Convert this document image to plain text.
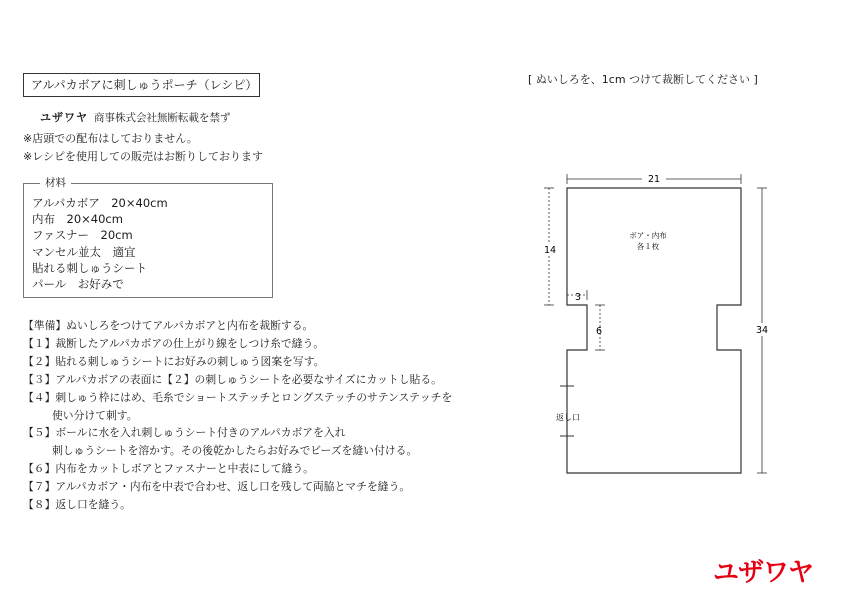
アルパカボアに刺しゅうポーチ（レシピ）
ユザワヤ 商事株式会社無断転載を禁ず
※店頭での配布はしておりません。
※レシピを使用しての販売はお断りしております
材料
アルパカボア　20×40cm
内布　20×40cm
ファスナー　20cm
マンセル並太　適宜
貼れる刺しゅうシート
パール　お好みで
【準備】ぬいしろをつけてアルパカボアと内布を裁断する。
【１】裁断したアルパカボアの仕上がり線をしつけ糸で縫う。
【２】貼れる刺しゅうシートにお好みの刺しゅう図案を写す。
【３】アルパカボアの表面に【２】の刺しゅうシートを必要なサイズにカットし貼る。
【４】刺しゅう枠にはめ、毛糸でショートステッチとロングステッチのサテンステッチを
使い分けて刺す。
【５】ボールに水を入れ刺しゅうシート付きのアルパカボアを入れ
刺しゅうシートを溶かす。その後乾かしたらお好みでビーズを縫い付ける。
【６】内布をカットしボアとファスナーと中表にして縫う。
【７】アルパカボア・内布を中表で合わせ、返し口を残して両脇とマチを縫う。
【８】返し口を縫う。
[ ぬいしろを、1cm つけて裁断してください ]
21
14
3
6	34
ボア・内布
各１枚
返し口
ユザワヤ
